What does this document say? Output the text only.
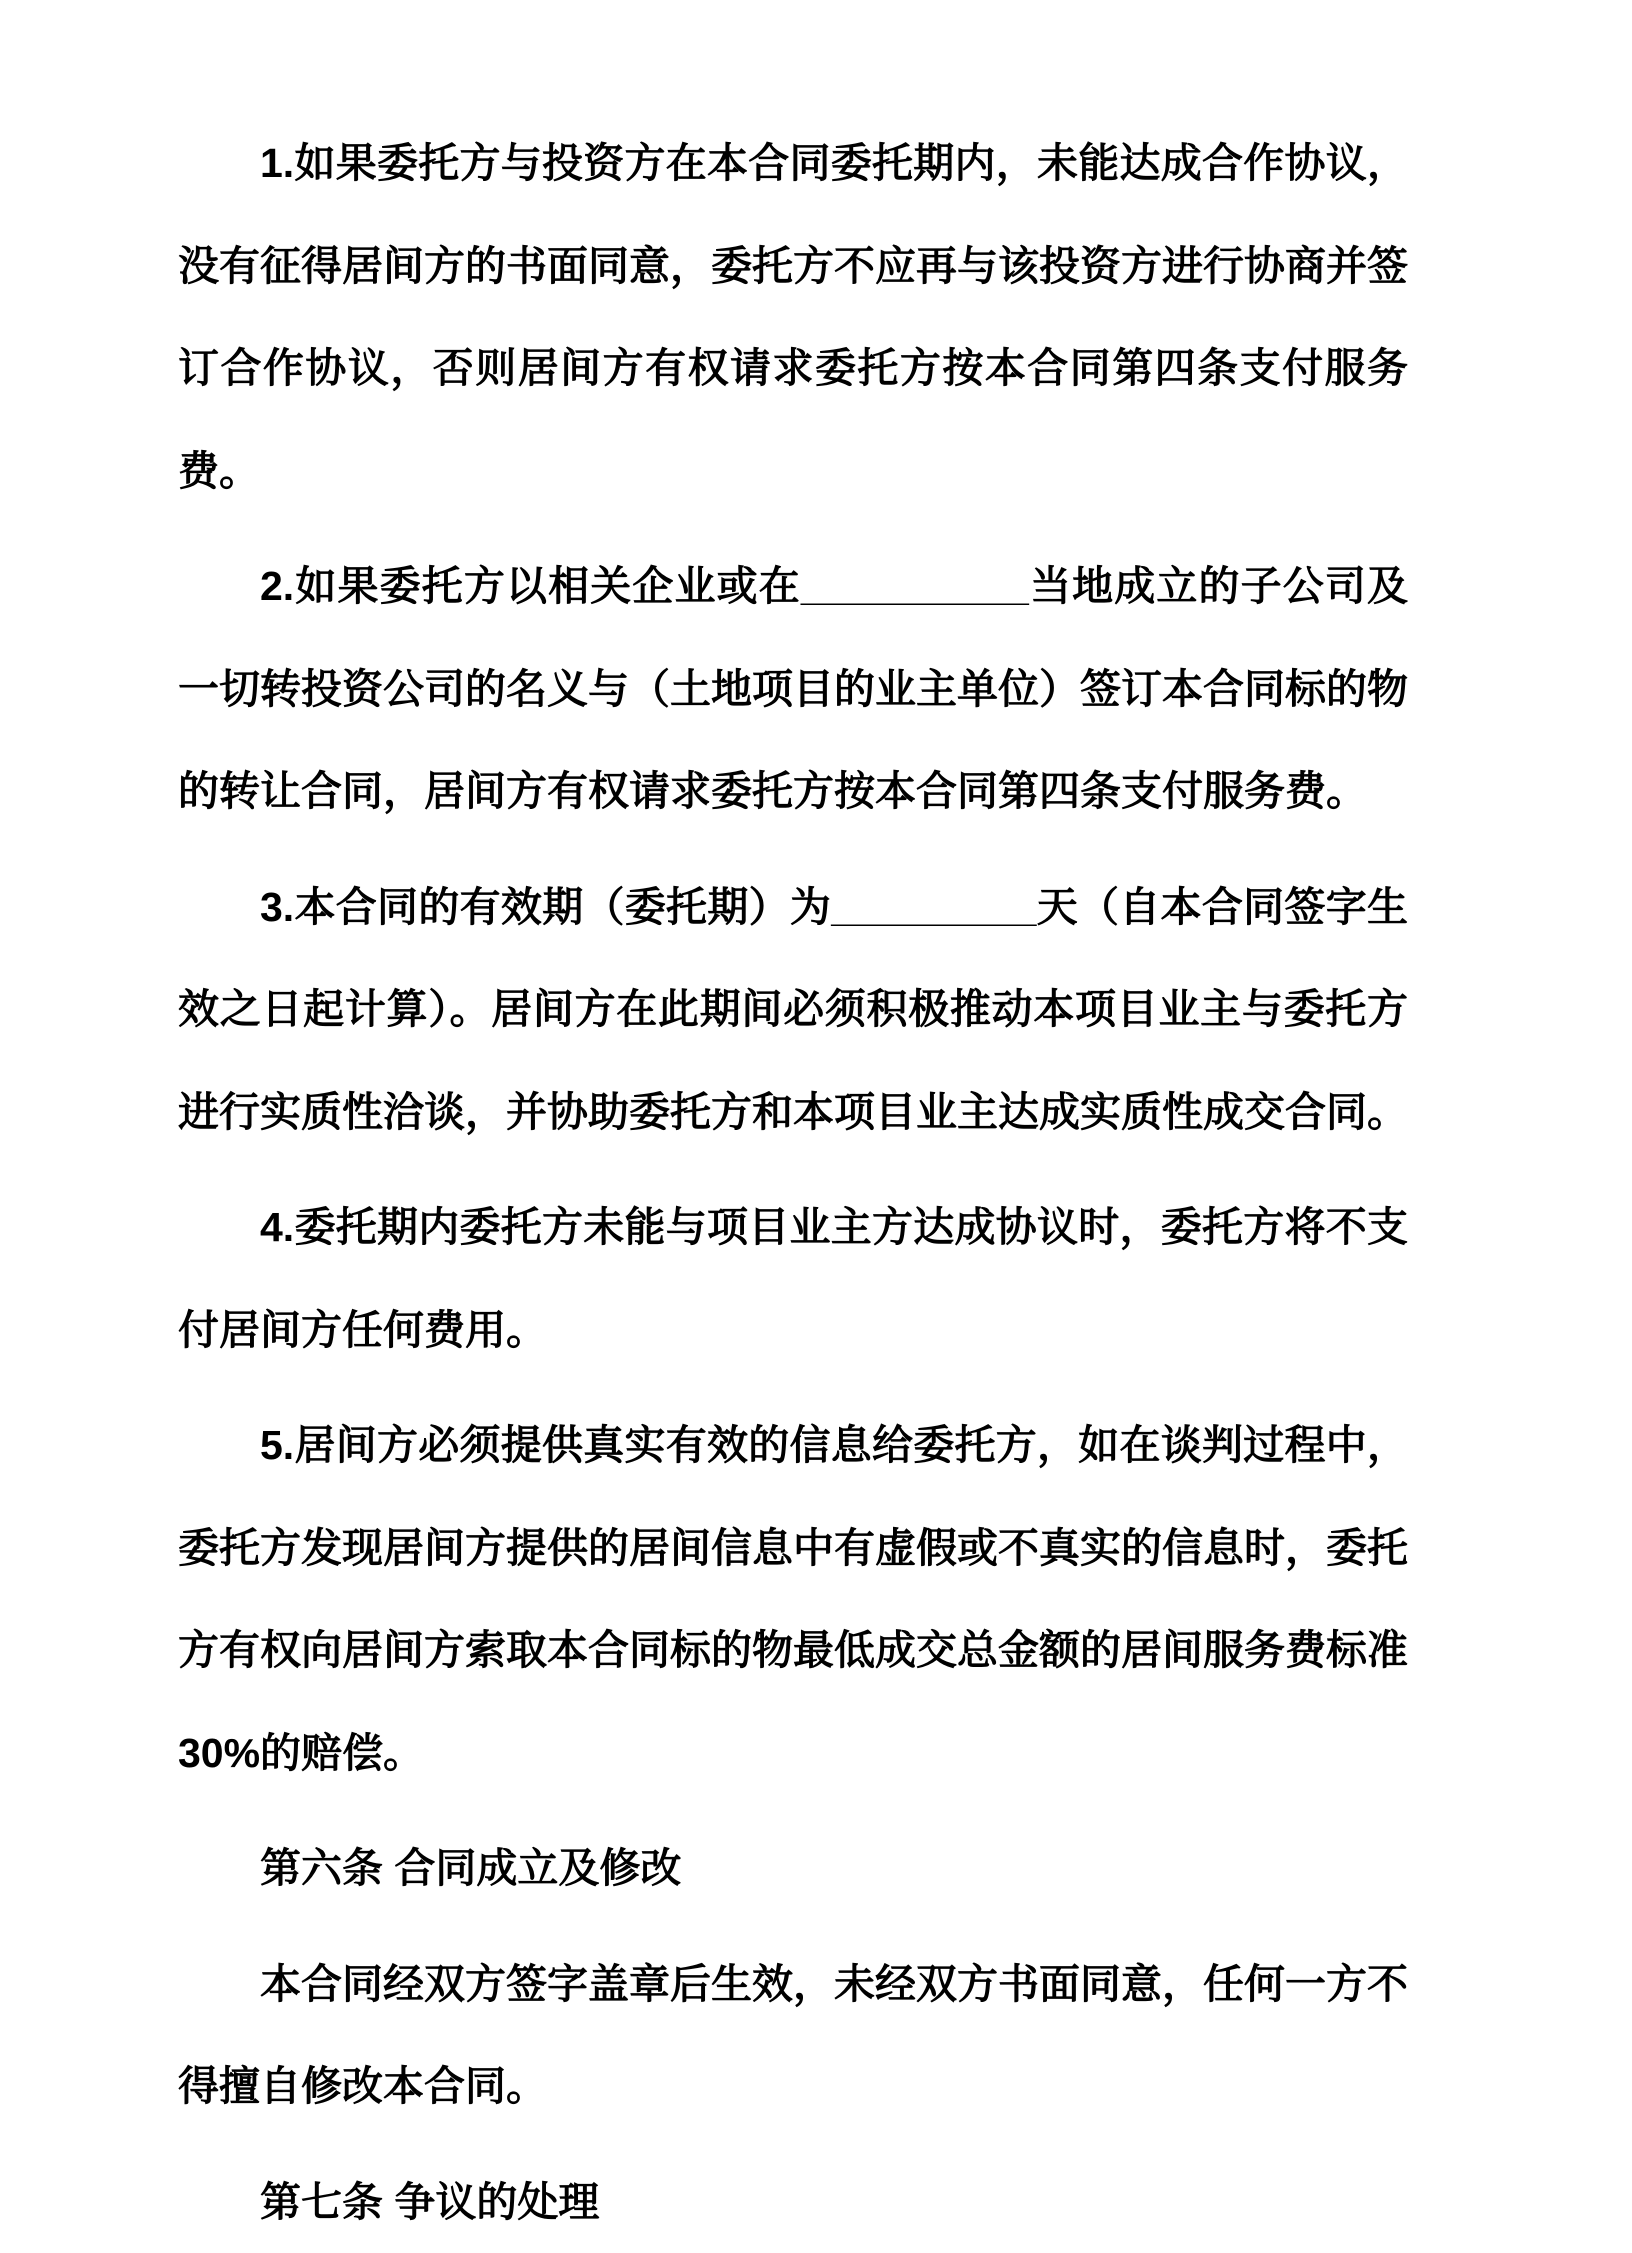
1.如果委托方与投资方在本合同委托期内，未能达成合作协议，没有征得居间方的书面同意，委托方不应再与该投资方进行协商并签订合作协议，否则居间方有权请求委托方按本合同第四条支付服务费。

2.如果委托方以相关企业或在__________当地成立的子公司及一切转投资公司的名义与（土地项目的业主单位）签订本合同标的物的转让合同，居间方有权请求委托方按本合同第四条支付服务费。

3.本合同的有效期（委托期）为_________天（自本合同签字生效之日起计算）。居间方在此期间必须积极推动本项目业主与委托方进行实质性洽谈，并协助委托方和本项目业主达成实质性成交合同。

4.委托期内委托方未能与项目业主方达成协议时，委托方将不支付居间方任何费用。

5.居间方必须提供真实有效的信息给委托方，如在谈判过程中，委托方发现居间方提供的居间信息中有虚假或不真实的信息时，委托方有权向居间方索取本合同标的物最低成交总金额的居间服务费标准30%的赔偿。

第六条 合同成立及修改

本合同经双方签字盖章后生效，未经双方书面同意，任何一方不得擅自修改本合同。

第七条 争议的处理
